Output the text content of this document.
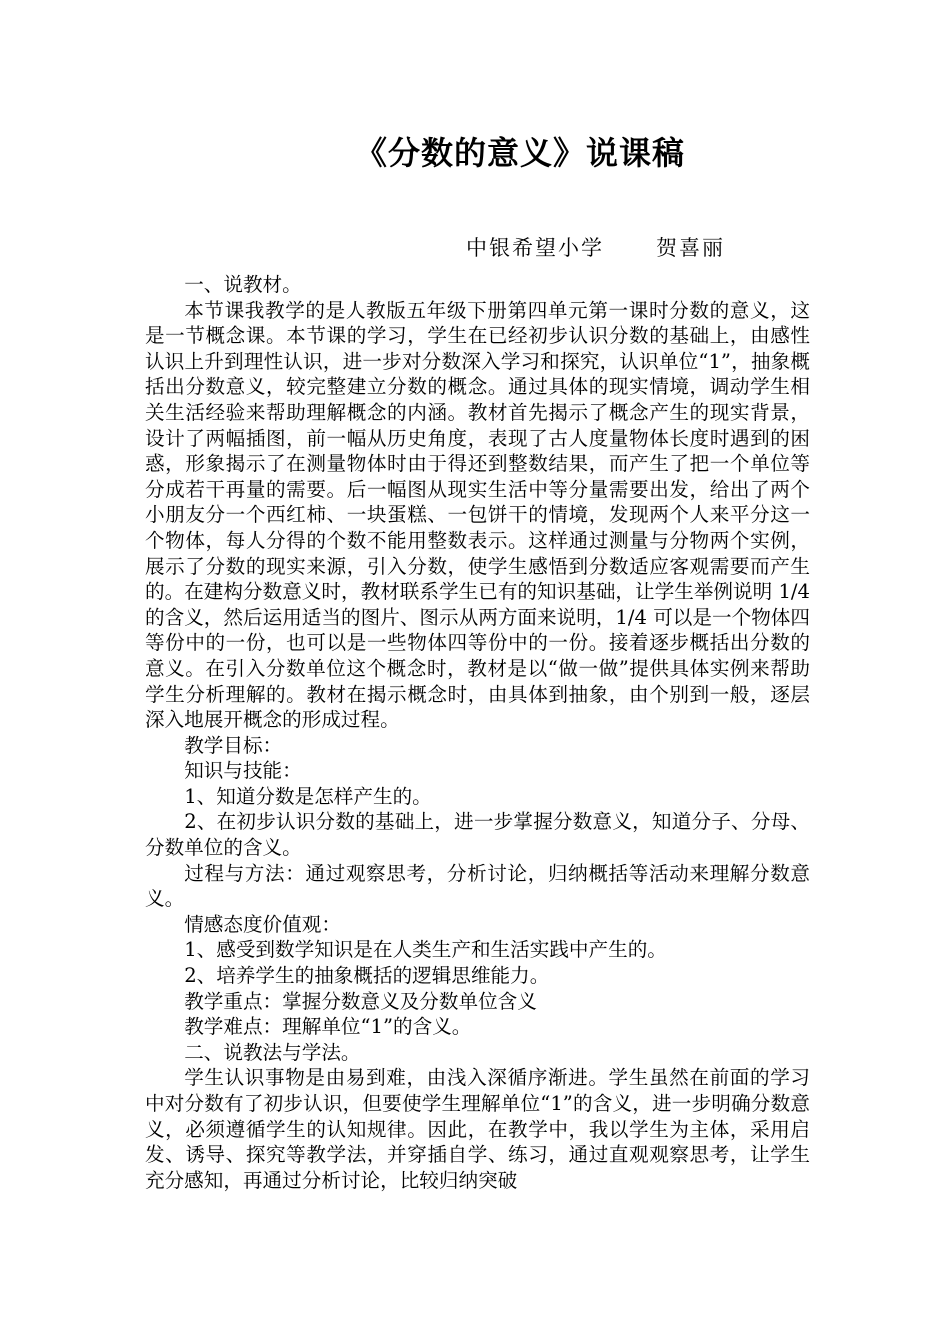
《分数的意义》说课稿
中银希望小学 贺喜丽

一、说教材。

本节课我教学的是人教版五年级下册第四单元第一课时分数的意义，这是一节概念课。本节课的学习，学生在已经初步认识分数的基础上，由感性认识上升到理性认识，进一步对分数深入学习和探究，认识单位“1”，抽象概括出分数意义，较完整建立分数的概念。通过具体的现实情境，调动学生相关生活经验来帮助理解概念的内涵。教材首先揭示了概念产生的现实背景，设计了两幅插图，前一幅从历史角度，表现了古人度量物体长度时遇到的困惑，形象揭示了在测量物体时由于得还到整数结果，而产生了把一个单位等分成若干再量的需要。后一幅图从现实生活中等分量需要出发，给出了两个小朋友分一个西红柿、一块蛋糕、一包饼干的情境，发现两个人来平分这一个物体，每人分得的个数不能用整数表示。这样通过测量与分物两个实例，展示了分数的现实来源，引入分数，使学生感悟到分数适应客观需要而产生的。在建构分数意义时，教材联系学生已有的知识基础，让学生举例说明 1/4 的含义，然后运用适当的图片、图示从两方面来说明，1/4 可以是一个物体四等份中的一份，也可以是一些物体四等份中的一份。接着逐步概括出分数的意义。在引入分数单位这个概念时，教材是以“做一做”提供具体实例来帮助学生分析理解的。教材在揭示概念时，由具体到抽象，由个别到一般，逐层深入地展开概念的形成过程。

教学目标：

知识与技能：

1、知道分数是怎样产生的。

2、在初步认识分数的基础上，进一步掌握分数意义，知道分子、分母、分数单位的含义。

过程与方法：通过观察思考，分析讨论，归纳概括等活动来理解分数意义。

情感态度价值观：

1、感受到数学知识是在人类生产和生活实践中产生的。

2、培养学生的抽象概括的逻辑思维能力。

教学重点：掌握分数意义及分数单位含义

教学难点：理解单位“1”的含义。

二、说教法与学法。

学生认识事物是由易到难，由浅入深循序渐进。学生虽然在前面的学习中对分数有了初步认识，但要使学生理解单位“1”的含义，进一步明确分数意义，必须遵循学生的认知规律。因此，在教学中，我以学生为主体，采用启发、诱导、探究等教学法，并穿插自学、练习，通过直观观察思考，让学生充分感知，再通过分析讨论，比较归纳突破
